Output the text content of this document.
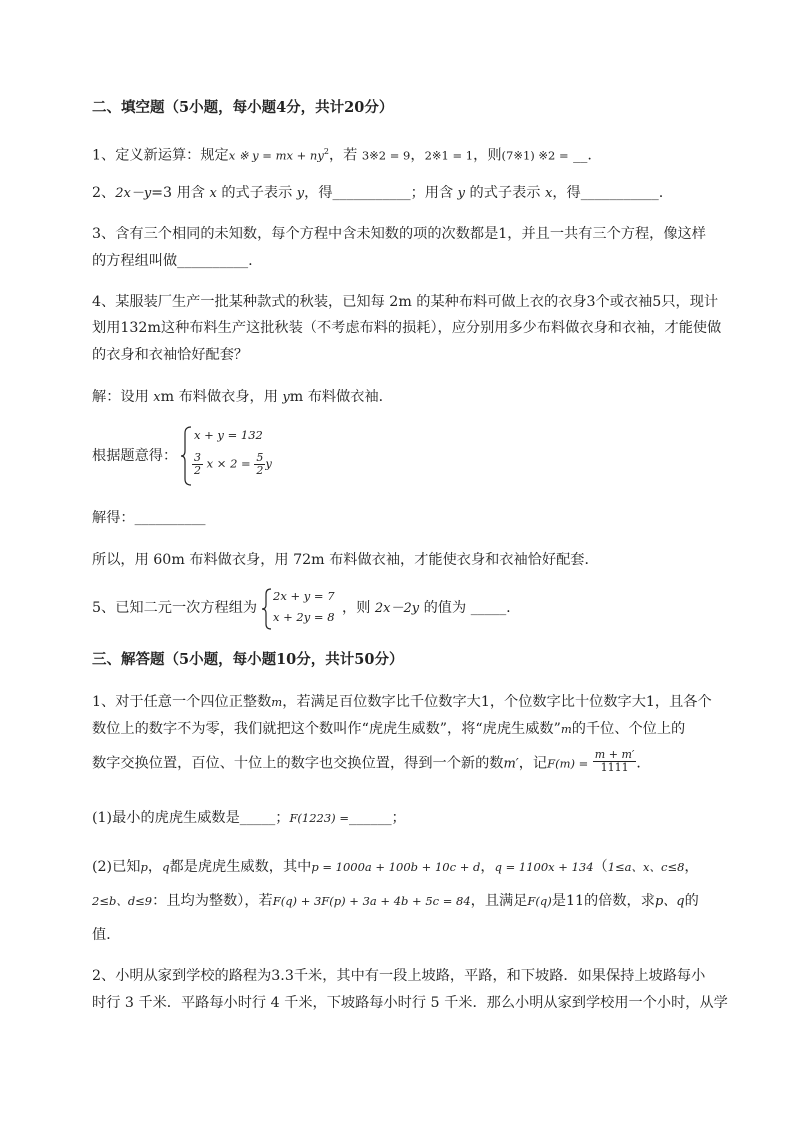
二、填空题（5小题，每小题4分，共计20分）
1、定义新运算：规定x ※ y = mx + $ny^2$，若 3※2 = 9，2※1 = 1，则(7※1) ※2 = __.
2、2x－y=3 用含 x 的式子表示 y，得___________；用含 y 的式子表示 x，得___________.
3、含有三个相同的未知数，每个方程中含未知数的项的次数都是1，并且一共有三个方程，像这样
的方程组叫做__________.
4、某服装厂生产一批某种款式的秋装，已知每 2m 的某种布料可做上衣的衣身3个或衣袖5只，现计
划用132m这种布料生产这批秋装（不考虑布料的损耗），应分别用多少布料做衣身和衣袖，才能使做
的衣身和衣袖恰好配套？
解：设用 xm 布料做衣身，用 ym 布料做衣袖．
根据题意得：
x + y = 132
$\frac{3}{2}$ $x \times 2 = \frac{5}{2}$ y
解得：__________
所以，用 60m 布料做衣身，用 72m 布料做衣袖，才能使衣身和衣袖恰好配套．
5、已知二元一次方程组为
2x + y = 7
x + 2y = 8
，则 2x－2y 的值为 _____.
三、解答题（5小题，每小题10分，共计50分）
1、对于任意一个四位正整数m，若满足百位数字比千位数字大1，个位数字比十位数字大1，且各个
数位上的数字不为零，我们就把这个数叫作“虎虎生威数”，将“虎虎生威数”m的千位、个位上的
数字交换位置，百位、十位上的数字也交换位置，得到一个新的数m′，记$F(m) = \frac{m + m'}{1111}$ ．
(1)最小的虎虎生威数是_____；F(1223) =______；
(2)已知p，q都是虎虎生威数，其中p = 1000a + 100b + 10c + d，q = 1100x + 134（1≤a、x、c≤8，
2≤b、d≤9：且均为整数），若F(q) + 3F(p) + 3a + 4b + 5c = 84，且满足F(q)是11的倍数，求p、q的
值．
2、小明从家到学校的路程为3.3千米，其中有一段上坡路，平路，和下坡路．如果保持上坡路每小
时行 3 千米．平路每小时行 4 千米，下坡路每小时行 5 千米．那么小明从家到学校用一个小时，从学
